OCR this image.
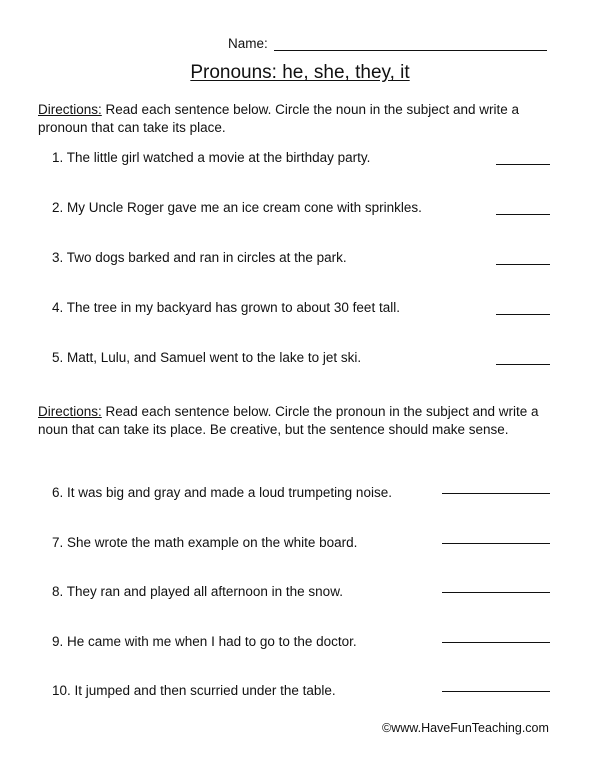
Name:
Pronouns: he, she, they, it
Directions: Read each sentence below. Circle the noun in the subject and write a pronoun that can take its place.
1. The little girl watched a movie at the birthday party.
2. My Uncle Roger gave me an ice cream cone with sprinkles.
3. Two dogs barked and ran in circles at the park.
4. The tree in my backyard has grown to about 30 feet tall.
5. Matt, Lulu, and Samuel went to the lake to jet ski.
Directions: Read each sentence below. Circle the pronoun in the subject and write a noun that can take its place. Be creative, but the sentence should make sense.
6. It was big and gray and made a loud trumpeting noise.
7. She wrote the math example on the white board.
8. They ran and played all afternoon in the snow.
9. He came with me when I had to go to the doctor.
10. It jumped and then scurried under the table.
©www.HaveFunTeaching.com
